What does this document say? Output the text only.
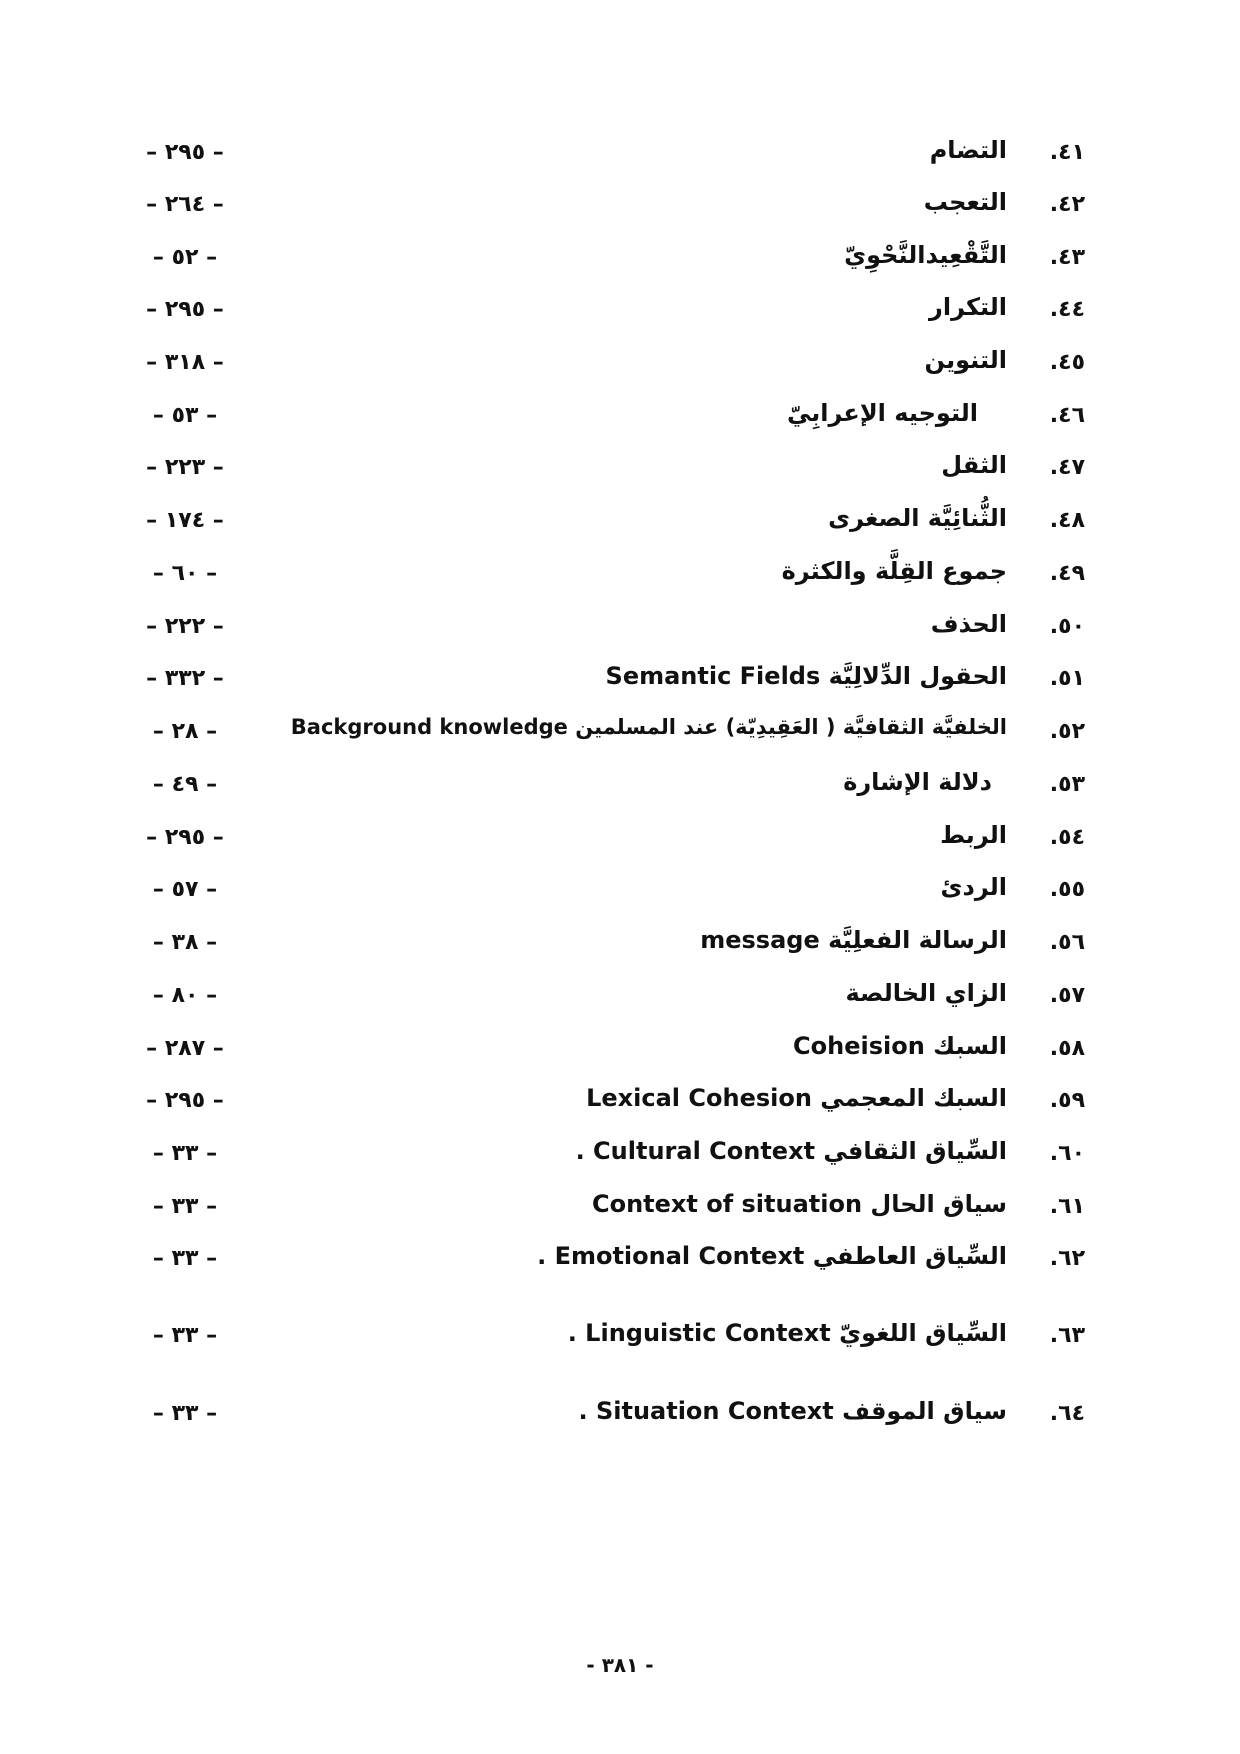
٤١.
التضام
– ٢٩٥ –
٤٢.
التعجب
– ٢٦٤ –
٤٣.
التَّقْعِيدالنَّحْوِيّ
– ٥٢ –
٤٤.
التكرار
– ٢٩٥ –
٤٥.
التنوين
– ٣١٨ –
٤٦.
التوجيه الإعرابِيّ
– ٥٣ –
٤٧.
الثقل
– ٢٢٣ –
٤٨.
الثُّنائِيَّة الصغرى
– ١٧٤ –
٤٩.
جموع القِلَّة والكثرة
– ٦٠ –
٥٠.
الحذف
– ٢٢٢ –
٥١.
الحقول الدِّلالِيَّة Semantic Fields
– ٣٣٢ –
٥٢.
الخلفيَّة الثقافيَّة ( العَقِيدِيّة) عند المسلمين Background knowledge
– ٢٨ –
٥٣.
دلالة الإشارة
– ٤٩ –
٥٤.
الربط
– ٢٩٥ –
٥٥.
الردئ
– ٥٧ –
٥٦.
الرسالة الفعلِيَّة message
– ٣٨ –
٥٧.
الزاي الخالصة
– ٨٠ –
٥٨.
السبك Coheision
– ٢٨٧ –
٥٩.
السبك المعجمي Lexical Cohesion
– ٢٩٥ –
٦٠.
السِّياق الثقافي Cultural Context .
– ٣٣ –
٦١.
سياق الحال Context of situation
– ٣٣ –
٦٢.
السِّياق العاطفي Emotional Context .
– ٣٣ –
٦٣.
السِّياق اللغويّ Linguistic Context .
– ٣٣ –
٦٤.
سياق الموقف Situation Context .
– ٣٣ –
- ٣٨١ -
